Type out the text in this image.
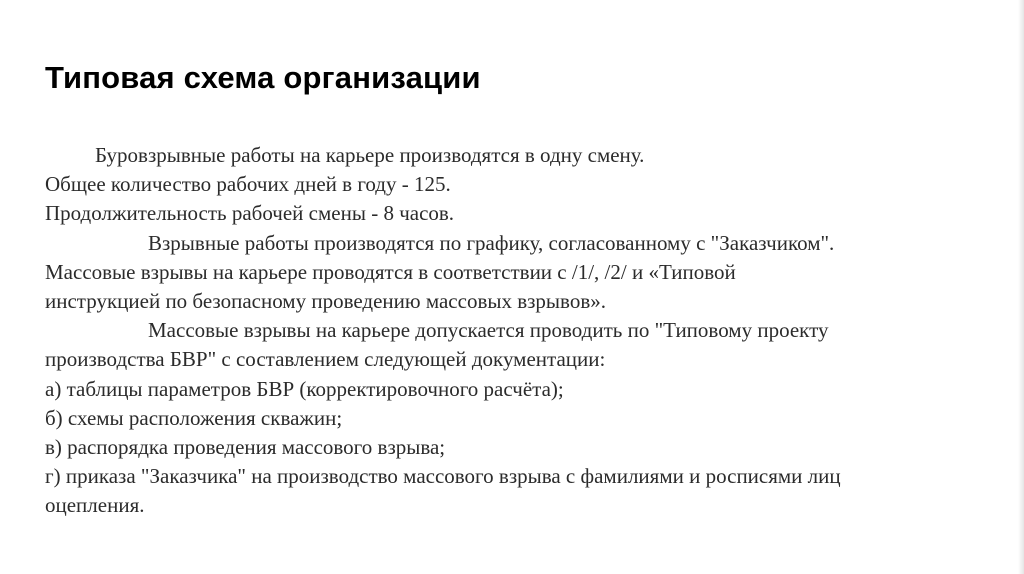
Типовая схема организации
Буровзрывные работы на карьере производятся в одну смену.
Общее количество рабочих дней в году - 125.
Продолжительность рабочей смены - 8 часов.
Взрывные работы производятся по графику, согласованному с "Заказчиком".
Массовые взрывы на карьере проводятся в соответствии с /1/, /2/ и «Типовой
инструкцией по безопасному проведению массовых взрывов».
Массовые взрывы на карьере допускается проводить по "Типовому проекту
производства БВР" с составлением следующей документации:
а) таблицы параметров БВР (корректировочного расчёта);
б) схемы расположения скважин;
в) распорядка проведения массового взрыва;
г) приказа "Заказчика" на производство массового взрыва с фамилиями и росписями лиц
оцепления.
